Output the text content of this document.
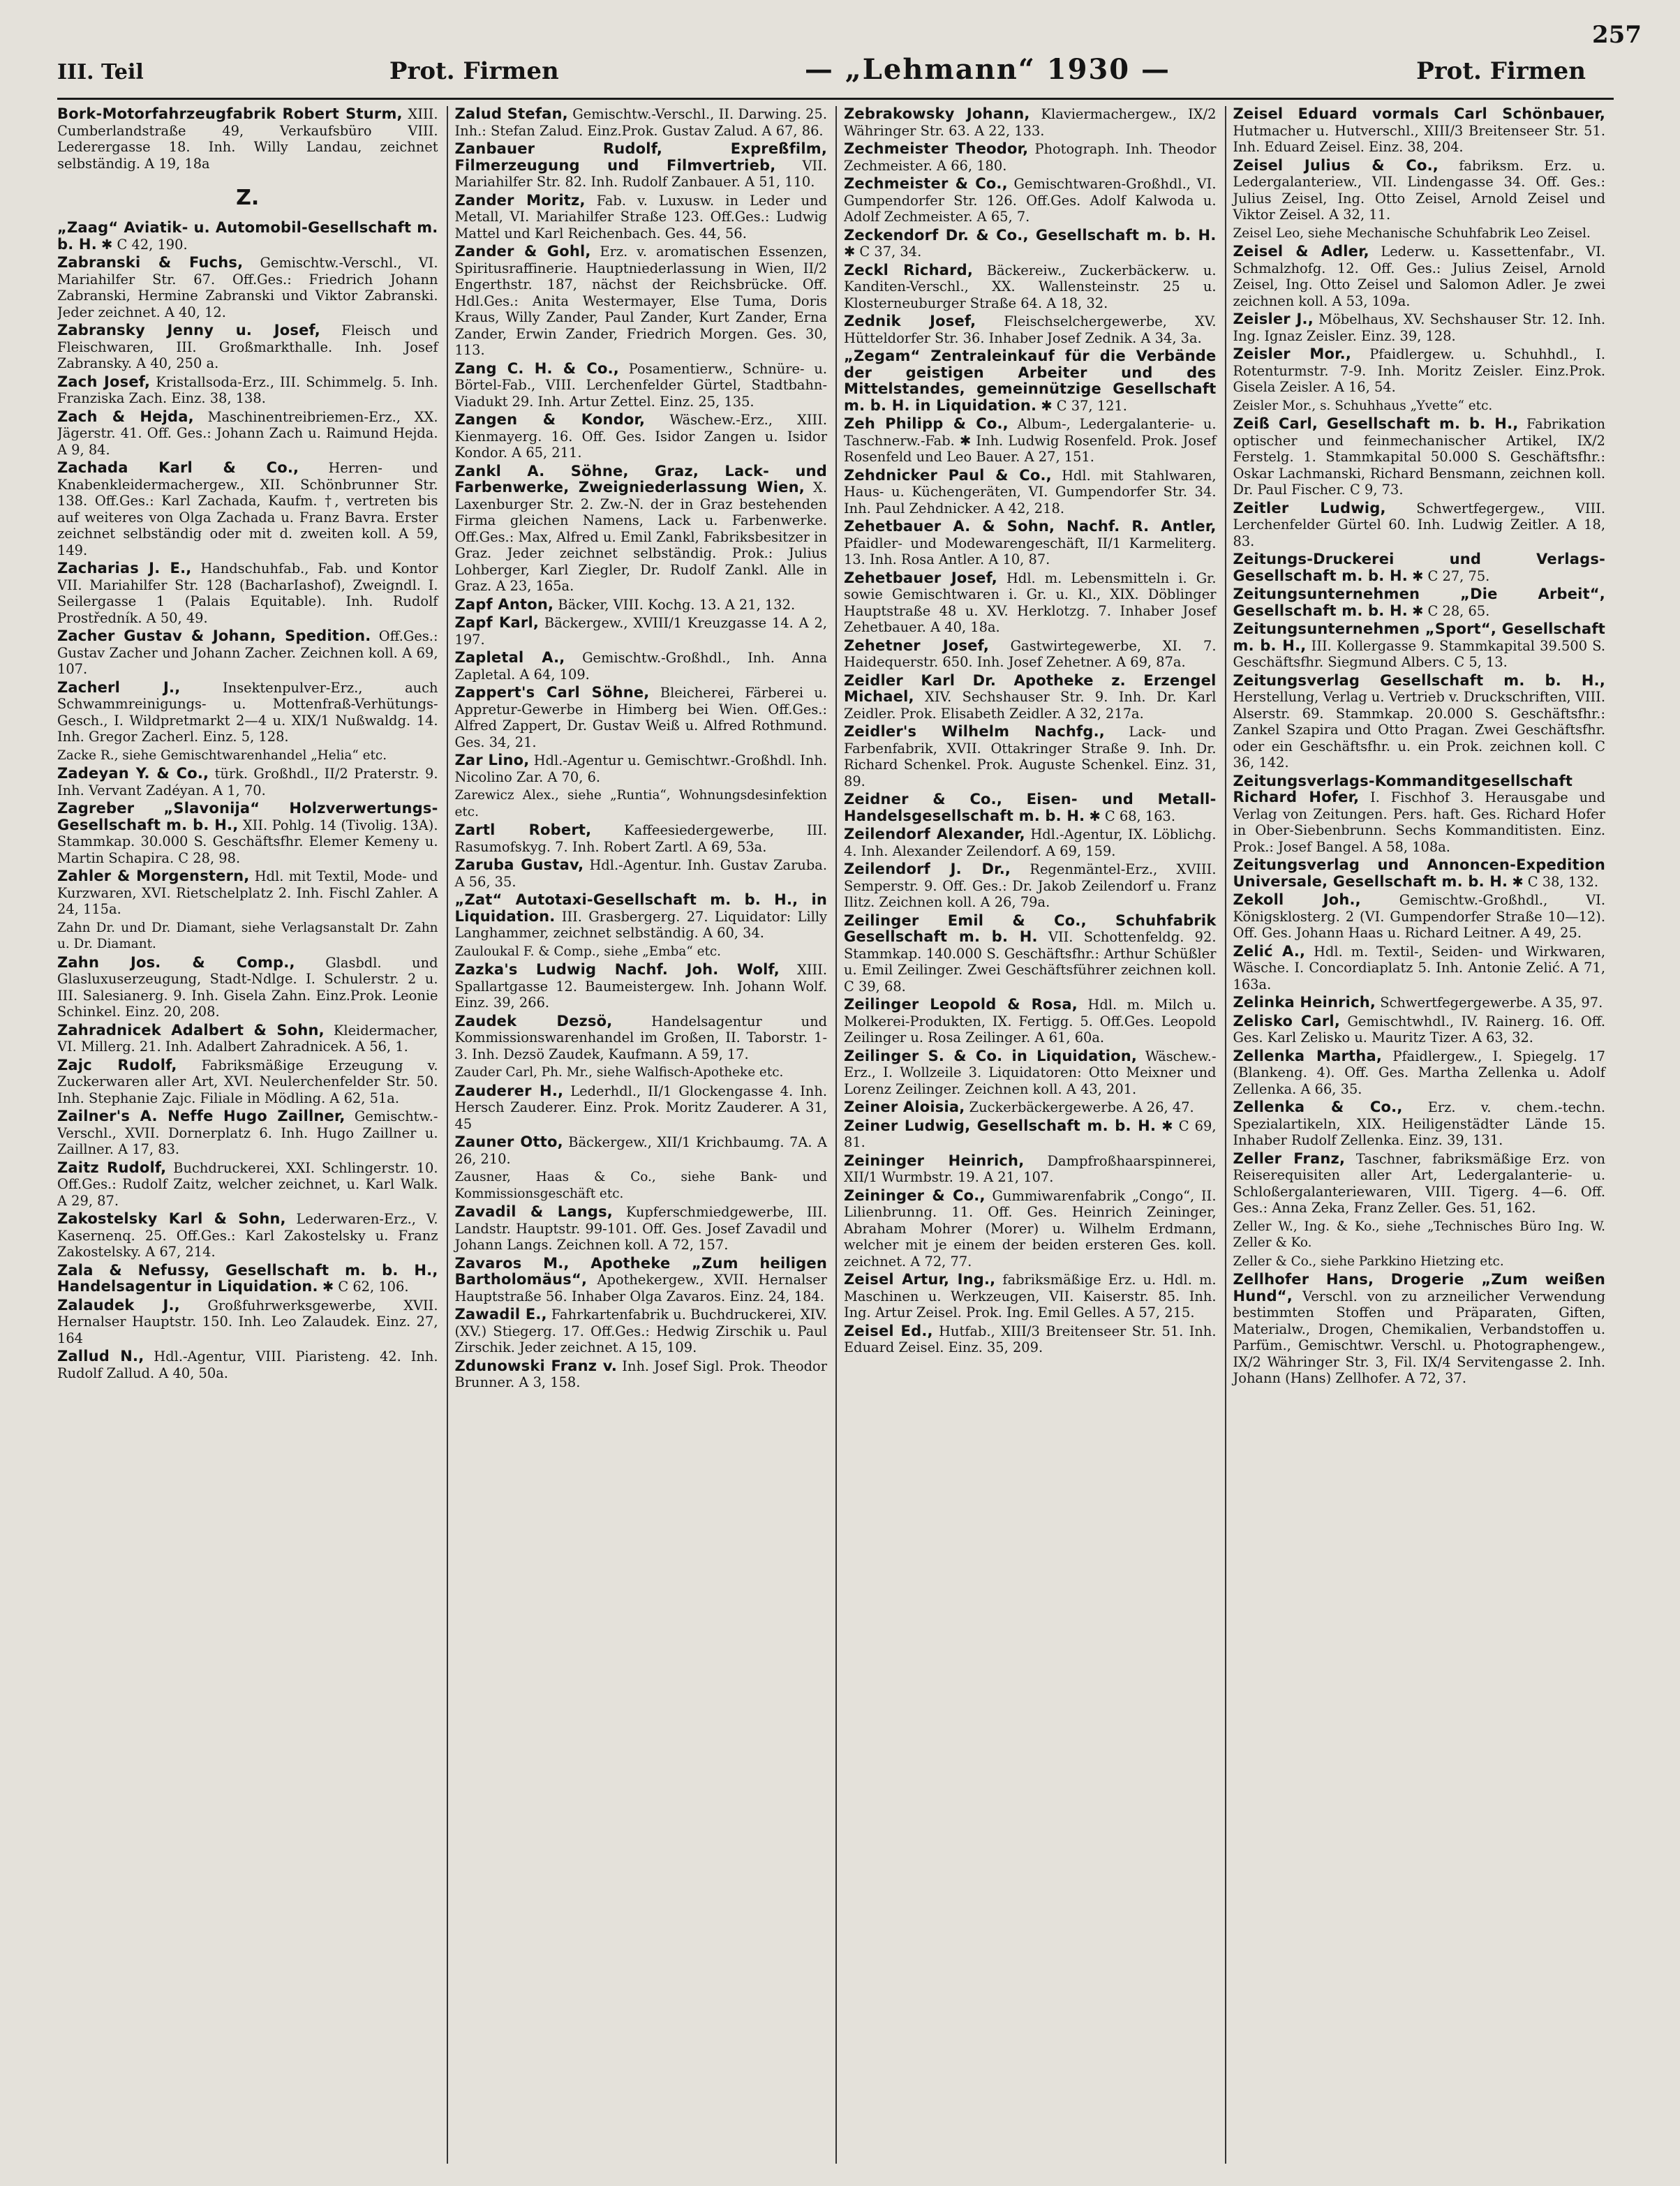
257
III. Teil	Prot. Firmen	— „Lehmann“ 1930 —	Prot. Firmen
Bork-Motorfahrzeugfabrik Robert Sturm, XIII. Cumberlandstraße 49, Verkaufsbüro VIII. Lederergasse 18. Inh. Willy Landau, zeichnet selbständig. A 19, 18a
Z.
„Zaag“ Aviatik- u. Automobil-Gesellschaft m. b. H. ✱ C 42, 190.
Zabranski & Fuchs, Gemischtw.-Verschl., VI. Mariahilfer Str. 67. Off.Ges.: Friedrich Johann Zabranski, Hermine Zabranski und Viktor Zabranski. Jeder zeichnet. A 40, 12.
Zabransky Jenny u. Josef, Fleisch und Fleischwaren, III. Großmarkthalle. Inh. Josef Zabransky. A 40, 250 a.
Zach Josef, Kristallsoda-Erz., III. Schimmelg. 5. Inh. Franziska Zach. Einz. 38, 138.
Zach & Hejda, Maschinentreibriemen-Erz., XX. Jägerstr. 41. Off. Ges.: Johann Zach u. Raimund Hejda. A 9, 84.
Zachada Karl & Co., Herren- und Knabenkleidermachergew., XII. Schönbrunner Str. 138. Off.Ges.: Karl Zachada, Kaufm. †, vertreten bis auf weiteres von Olga Zachada u. Franz Bavra. Erster zeichnet selbständig oder mit d. zweiten koll. A 59, 149.
Zacharias J. E., Handschuhfab., Fab. und Kontor VII. Mariahilfer Str. 128 (BacharIashof), Zweigndl. I. Seilergasse 1 (Palais Equitable). Inh. Rudolf Prostředník. A 50, 49.
Zacher Gustav & Johann, Spedition. Off.Ges.: Gustav Zacher und Johann Zacher. Zeichnen koll. A 69, 107.
Zacherl J.,	Insektenpulver-Erz., auch Schwammreinigungs- u. Mottenfraß-Verhütungs-Gesch., I. Wildpretmarkt 2—4 u. XIX/1 Nußwaldg. 14. Inh. Gregor Zacherl. Einz. 5, 128.
Zacke R., siehe Gemischtwarenhandel „Helia“ etc.
Zadeyan Y. & Co., türk. Großhdl., II/2 Praterstr. 9. Inh. Vervant Zadéyan. A 1, 70.
Zagreber „Slavonija“ Holzverwertungs-Gesellschaft m. b. H., XII. Pohlg. 14 (Tivolig. 13A). Stammkap. 30.000 S. Geschäftsfhr. Elemer Kemeny u. Martin Schapira. C 28, 98.
Zahler & Morgenstern, Hdl. mit Textil, Mode- und Kurzwaren, XVI. Rietschelplatz 2. Inh. Fischl Zahler. A 24, 115a.
Zahn Dr. und Dr. Diamant, siehe Verlagsanstalt Dr. Zahn u. Dr. Diamant.
Zahn Jos. & Comp., Glasbdl. und Glasluxuserzeugung, Stadt-Ndlge. I. Schulerstr. 2 u. III. Salesianerg. 9. Inh. Gisela Zahn. Einz.Prok. Leonie Schinkel. Einz. 20, 208.
Zahradnicek Adalbert & Sohn, Kleidermacher, VI. Millerg. 21. Inh. Adalbert Zahradnicek. A 56, 1.
Zajc Rudolf, Fabriksmäßige Erzeugung v. Zuckerwaren aller Art, XVI. Neulerchenfelder Str. 50. Inh. Stephanie Zajc. Filiale in Mödling. A 62, 51a.
Zailner's A. Neffe Hugo Zaillner, Gemischtw.-Verschl., XVII. Dornerplatz 6. Inh. Hugo Zaillner u. Zaillner. A 17, 83.
Zaitz Rudolf, Buchdruckerei, XXI. Schlingerstr. 10. Off.Ges.: Rudolf Zaitz, welcher zeichnet, u. Karl Walk. A 29, 87.
Zakostelsky Karl & Sohn, Lederwaren-Erz., V. Kasernenq. 25. Off.Ges.: Karl Zakostelsky u. Franz Zakostelsky. A 67, 214.
Zala & Nefussy, Gesellschaft m. b. H., Handelsagentur in Liquidation. ✱ C 62, 106.
Zalaudek J., Großfuhrwerksgewerbe, XVII. Hernalser Hauptstr. 150. Inh. Leo Zalaudek. Einz. 27, 164
Zallud N., Hdl.-Agentur, VIII. Piaristeng. 42. Inh. Rudolf Zallud. A 40, 50a.
Zalud Stefan, Gemischtw.-Verschl., II. Darwing. 25. Inh.: Stefan Zalud. Einz.Prok. Gustav Zalud. A 67, 86.
Zanbauer Rudolf, Expreßfilm, Filmerzeugung und Filmvertrieb, VII. Mariahilfer Str. 82. Inh. Rudolf Zanbauer. A 51, 110.
Zander Moritz, Fab. v. Luxusw. in Leder und Metall, VI. Mariahilfer Straße 123. Off.Ges.: Ludwig Mattel und Karl Reichenbach. Ges. 44, 56.
Zander & Gohl, Erz. v. aromatischen Essenzen, Spiritusraffinerie. Hauptniederlassung in Wien, II/2 Engerthstr. 187, nächst der Reichsbrücke. Off. Hdl.Ges.: Anita Westermayer, Else Tuma, Doris Kraus, Willy Zander, Paul Zander, Kurt Zander, Erna Zander, Erwin Zander, Friedrich Morgen. Ges. 30, 113.
Zang C. H. & Co., Posamentierw., Schnüre- u. Börtel-Fab., VIII. Lerchenfelder Gürtel, Stadtbahn-Viadukt 29. Inh. Artur Zettel. Einz. 25, 135.
Zangen & Kondor, Wäschew.-Erz., XIII. Kienmayerg. 16. Off. Ges. Isidor Zangen u. Isidor Kondor. A 65, 211.
Zankl A. Söhne, Graz, Lack- und Farbenwerke, Zweigniederlassung Wien, X. Laxenburger Str. 2. Zw.-N. der in Graz bestehenden Firma gleichen Namens, Lack u. Farbenwerke. Off.Ges.: Max, Alfred u. Emil Zankl, Fabriksbesitzer in Graz. Jeder zeichnet selbständig. Prok.: Julius Lohberger, Karl Ziegler, Dr. Rudolf Zankl. Alle in Graz. A 23, 165a.
Zapf Anton, Bäcker, VIII. Kochg. 13. A 21, 132.
Zapf Karl, Bäckergew., XVIII/1 Kreuzgasse 14. A 2, 197.
Zapletal A., Gemischtw.-Großhdl., Inh. Anna Zapletal. A 64, 109.
Zappert's Carl Söhne, Bleicherei, Färberei u. Appretur-Gewerbe in Himberg bei Wien. Off.Ges.: Alfred Zappert, Dr. Gustav Weiß u. Alfred Rothmund. Ges. 34, 21.
Zar Lino, Hdl.-Agentur u. Gemischtwr.-Großhdl. Inh. Nicolino Zar. A 70, 6.
Zarewicz Alex., siehe „Runtia“, Wohnungsdesinfektion etc.
Zartl Robert, Kaffeesiedergewerbe, III. Rasumofskyg. 7. Inh. Robert Zartl. A 69, 53a.
Zaruba Gustav, Hdl.-Agentur. Inh. Gustav Zaruba. A 56, 35.
„Zat“ Autotaxi-Gesellschaft m. b. H., in Liquidation. III. Grasbergerg. 27. Liquidator: Lilly Langhammer, zeichnet selbständig. A 60, 34.
Zauloukal F. & Comp., siehe „Emba“ etc.
Zazka's Ludwig Nachf. Joh. Wolf, XIII. Spallartgasse 12. Baumeistergew. Inh. Johann Wolf. Einz. 39, 266.
Zaudek Dezsö,	Handelsagentur und Kommissionswarenhandel im Großen, II. Taborstr. 1-3. Inh. Dezsö Zaudek, Kaufmann. A 59, 17.
Zauder Carl, Ph. Mr., siehe Walfisch-Apotheke etc.
Zauderer H., Lederhdl., II/1 Glockengasse 4. Inh. Hersch Zauderer. Einz. Prok. Moritz Zauderer. A 31, 45
Zauner Otto, Bäckergew., XII/1 Krichbaumg. 7A. A 26, 210.
Zausner, Haas & Co., siehe Bank- und Kommissionsgeschäft etc.
Zavadil & Langs, Kupferschmiedgewerbe, III. Landstr. Hauptstr. 99-101. Off. Ges. Josef Zavadil und Johann Langs. Zeichnen koll. A 72, 157.
Zavaros M., Apotheke „Zum heiligen Bartholomäus“, Apothekergew., XVII. Hernalser Hauptstraße 56. Inhaber Olga Zavaros. Einz. 24, 184.
Zawadil E., Fahrkartenfabrik u. Buchdruckerei, XIV. (XV.) Stiegerg. 17. Off.Ges.: Hedwig Zirschik u. Paul Zirschik. Jeder zeichnet. A 15, 109.
Zdunowski Franz v. Inh. Josef Sigl. Prok. Theodor Brunner. A 3, 158.
Zebrakowsky Johann, Klaviermachergew., IX/2 Währinger Str. 63. A 22, 133.
Zechmeister Theodor, Photograph. Inh. Theodor Zechmeister. A 66, 180.
Zechmeister & Co., Gemischtwaren-Großhdl., VI. Gumpendorfer Str. 126. Off.Ges. Adolf Kalwoda u. Adolf Zechmeister. A 65, 7.
Zeckendorf Dr. & Co., Gesellschaft m. b. H. ✱ C 37, 34.
Zeckl Richard, Bäckereiw., Zuckerbäckerw. u. Kanditen-Verschl., XX. Wallensteinstr. 25 u. Klosterneuburger Straße 64. A 18, 32.
Zednik Josef, Fleischselchergewerbe, XV. Hütteldorfer Str. 36. Inhaber Josef Zednik. A 34, 3a.
„Zegam“ Zentraleinkauf für die Verbände der geistigen Arbeiter und des Mittelstandes, gemeinnützige Gesellschaft m. b. H. in Liquidation. ✱ C 37, 121.
Zeh Philipp & Co., Album-, Ledergalanterie- u. Taschnerw.-Fab. ✱ Inh. Ludwig Rosenfeld. Prok. Josef Rosenfeld und Leo Bauer. A 27, 151.
Zehdnicker Paul & Co., Hdl. mit Stahlwaren, Haus- u. Küchengeräten, VI. Gumpendorfer Str. 34. Inh. Paul Zehdnicker. A 42, 218.
Zehetbauer A. & Sohn, Nachf. R. Antler, Pfaidler- und Modewarengeschäft, II/1 Karmeliterg. 13. Inh. Rosa Antler. A 10, 87.
Zehetbauer Josef, Hdl. m. Lebensmitteln i. Gr. sowie Gemischtwaren i. Gr. u. Kl., XIX. Döblinger Hauptstraße 48 u. XV. Herklotzg. 7. Inhaber Josef Zehetbauer. A 40, 18a.
Zehetner Josef, Gastwirtegewerbe, XI. 7. Haidequerstr. 650. Inh. Josef Zehetner. A 69, 87a.
Zeidler Karl Dr. Apotheke z. Erzengel Michael, XIV. Sechshauser Str. 9. Inh. Dr. Karl Zeidler. Prok. Elisabeth Zeidler. A 32, 217a.
Zeidler's Wilhelm Nachfg., Lack- und Farbenfabrik, XVII. Ottakringer Straße 9. Inh. Dr. Richard Schenkel. Prok. Auguste Schenkel. Einz. 31, 89.
Zeidner & Co., Eisen- und Metall-Handelsgesellschaft m. b. H. ✱ C 68, 163.
Zeilendorf Alexander, Hdl.-Agentur, IX. Löblichg. 4. Inh. Alexander Zeilendorf. A 69, 159.
Zeilendorf J. Dr., Regenmäntel-Erz., XVIII. Semperstr. 9. Off. Ges.: Dr. Jakob Zeilendorf u. Franz Ilitz. Zeichnen koll. A 26, 79a.
Zeilinger Emil & Co., Schuhfabrik Gesellschaft m. b. H. VII. Schottenfeldg. 92. Stammkap. 140.000 S. Geschäftsfhr.: Arthur Schüßler u. Emil Zeilinger. Zwei Geschäftsführer zeichnen koll. C 39, 68.
Zeilinger Leopold & Rosa, Hdl. m. Milch u. Molkerei-Produkten, IX. Fertigg. 5. Off.Ges. Leopold Zeilinger u. Rosa Zeilinger. A 61, 60a.
Zeilinger S. & Co. in Liquidation, Wäschew.-Erz., I. Wollzeile 3. Liquidatoren: Otto Meixner und Lorenz Zeilinger. Zeichnen koll. A 43, 201.
Zeiner Aloisia, Zuckerbäckergewerbe. A 26, 47.
Zeiner Ludwig, Gesellschaft m. b. H. ✱ C 69, 81.
Zeininger Heinrich, Dampfroßhaarspinnerei, XII/1 Wurmbstr. 19. A 21, 107.
Zeininger & Co., Gummiwarenfabrik „Congo“, II. Lilienbrunng. 11. Off. Ges. Heinrich Zeininger, Abraham Mohrer (Morer) u. Wilhelm Erdmann, welcher mit je einem der beiden ersteren Ges. koll. zeichnet. A 72, 77.
Zeisel Artur, Ing., fabriksmäßige Erz. u. Hdl. m. Maschinen u. Werkzeugen, VII. Kaiserstr. 85. Inh. Ing. Artur Zeisel. Prok. Ing. Emil Gelles. A 57, 215.
Zeisel Ed., Hutfab., XIII/3 Breitenseer Str. 51. Inh. Eduard Zeisel. Einz. 35, 209.
Zeisel Eduard vormals Carl Schönbauer, Hutmacher u. Hutverschl., XIII/3 Breitenseer Str. 51. Inh. Eduard Zeisel. Einz. 38, 204.
Zeisel Julius & Co., fabriksm. Erz. u. Ledergalanteriew., VII. Lindengasse 34. Off. Ges.: Julius Zeisel, Ing. Otto Zeisel, Arnold Zeisel und Viktor Zeisel. A 32, 11.
Zeisel Leo, siehe Mechanische Schuhfabrik Leo Zeisel.
Zeisel & Adler, Lederw. u. Kassettenfabr., VI. Schmalzhofg. 12. Off. Ges.: Julius Zeisel, Arnold Zeisel, Ing. Otto Zeisel und Salomon Adler. Je zwei zeichnen koll. A 53, 109a.
Zeisler J., Möbelhaus, XV. Sechshauser Str. 12. Inh. Ing. Ignaz Zeisler. Einz. 39, 128.
Zeisler Mor., Pfaidlergew. u. Schuhhdl., I. Rotenturmstr. 7-9. Inh. Moritz Zeisler. Einz.Prok. Gisela Zeisler. A 16, 54.
Zeisler Mor., s. Schuhhaus „Yvette“ etc.
Zeiß Carl, Gesellschaft m. b. H., Fabrikation optischer und feinmechanischer Artikel, IX/2 Ferstelg. 1. Stammkapital 50.000 S. Geschäftsfhr.: Oskar Lachmanski, Richard Bensmann, zeichnen koll. Dr. Paul Fischer. C 9, 73.
Zeitler Ludwig, Schwertfegergew., VIII. Lerchenfelder Gürtel 60. Inh. Ludwig Zeitler. A 18, 83.
Zeitungs-Druckerei und Verlags-Gesellschaft m. b. H. ✱ C 27, 75.
Zeitungsunternehmen „Die Arbeit“, Gesellschaft m. b. H. ✱ C 28, 65.
Zeitungsunternehmen „Sport“, Gesellschaft m. b. H., III. Kollergasse 9. Stammkapital 39.500 S. Geschäftsfhr. Siegmund Albers. C 5, 13.
Zeitungsverlag Gesellschaft m. b. H., Herstellung, Verlag u. Vertrieb v. Druckschriften, VIII. Alserstr. 69. Stammkap. 20.000 S. Geschäftsfhr.: Zankel Szapira und Otto Pragan. Zwei Geschäftsfhr. oder ein Geschäftsfhr. u. ein Prok. zeichnen koll. C 36, 142.
Zeitungsverlags-Kommanditgesellschaft Richard Hofer, I. Fischhof 3. Herausgabe und Verlag von Zeitungen. Pers. haft. Ges. Richard Hofer in Ober-Siebenbrunn. Sechs Kommanditisten. Einz. Prok.: Josef Bangel. A 58, 108a.
Zeitungsverlag und Annoncen-Expedition Universale, Gesellschaft m. b. H. ✱ C 38, 132.
Zekoll Joh.,	Gemischtw.-Großhdl., VI. Königsklosterg. 2 (VI. Gumpendorfer Straße 10—12). Off. Ges. Johann Haas u. Richard Leitner. A 49, 25.
Zelić A., Hdl. m. Textil-, Seiden- und Wirkwaren, Wäsche. I. Concordiaplatz 5. Inh. Antonie Zelić. A 71, 163a.
Zelinka Heinrich, Schwertfegergewerbe. A 35, 97.
Zelisko Carl, Gemischtwhdl., IV. Rainerg. 16. Off. Ges. Karl Zelisko u. Mauritz Tizer. A 63, 32.
Zellenka Martha, Pfaidlergew., I. Spiegelg. 17 (Blankeng. 4). Off. Ges. Martha Zellenka u. Adolf Zellenka. A 66, 35.
Zellenka & Co., Erz. v. chem.-techn. Spezialartikeln, XIX. Heiligenstädter Lände 15. Inhaber Rudolf Zellenka. Einz. 39, 131.
Zeller Franz, Taschner, fabriksmäßige Erz. von Reiserequisiten aller Art, Ledergalanterie- u. Schloßergalanteriewaren, VIII. Tigerg. 4—6. Off. Ges.: Anna Zeka, Franz Zeller. Ges. 51, 162.
Zeller W., Ing. & Ko., siehe „Technisches Büro Ing. W. Zeller & Ko.
Zeller & Co., siehe Parkkino Hietzing etc.
Zellhofer Hans, Drogerie „Zum weißen Hund“, Verschl. von zu arzneilicher Verwendung bestimmten Stoffen und Präparaten, Giften, Materialw., Drogen, Chemikalien, Verbandstoffen u. Parfüm., Gemischtwr. Verschl. u. Photographengew., IX/2 Währinger Str. 3, Fil. IX/4 Servitengasse 2. Inh. Johann (Hans) Zellhofer. A 72, 37.
